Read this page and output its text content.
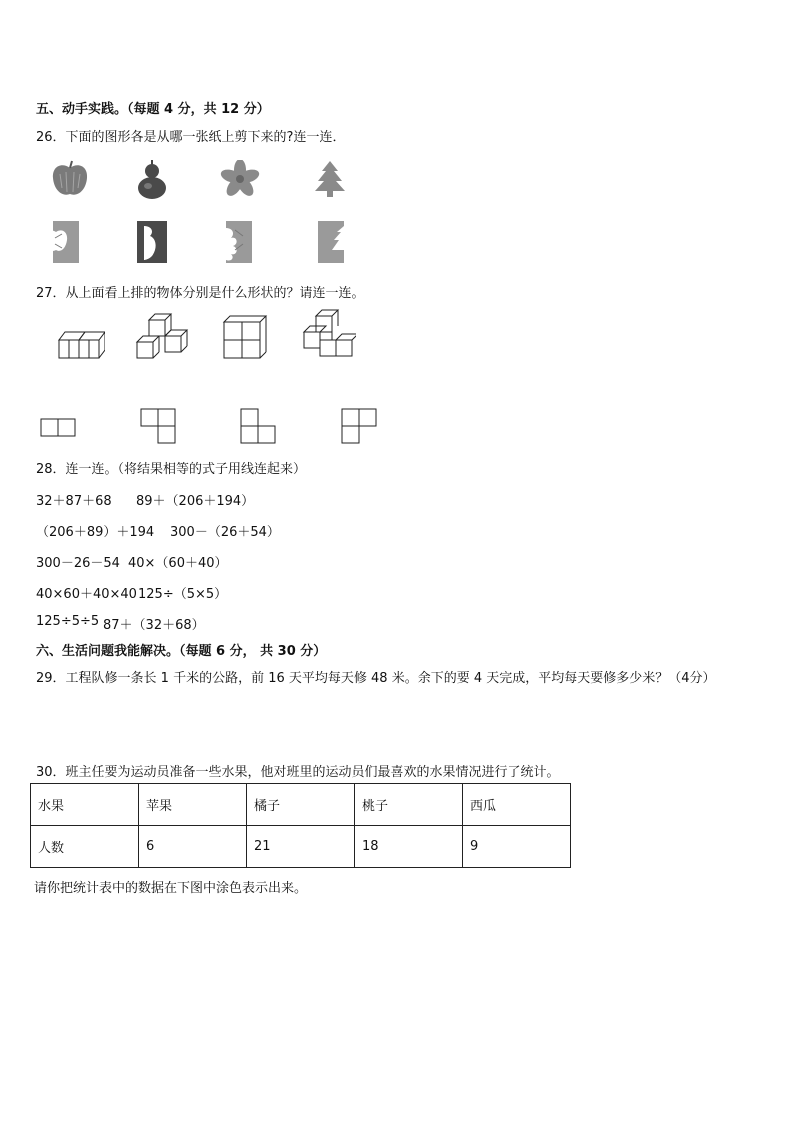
五、动手实践。（每题 4 分，共 12 分）
26．下面的图形各是从哪一张纸上剪下来的?连一连．
27．从上面看上排的物体分别是什么形状的？请连一连。
28．连一连。（将结果相等的式子用线连起来）
32＋87＋68 89＋（206＋194）
（206＋89）＋194 300－（26＋54）
300－26－54 40×（60＋40）
40×60＋40×40 125÷（5×5）
125÷5÷5 87＋（32＋68）
六、生活问题我能解决。（每题 6 分， 共 30 分）
29．工程队修一条长 1 千米的公路，前 16 天平均每天修 48 米。余下的要 4 天完成，平均每天要修多少米？（4分）
30．班主任要为运动员准备一些水果，他对班里的运动员们最喜欢的水果情况进行了统计。
水果	苹果	橘子	桃子	西瓜
人数	6	21	18	9
请你把统计表中的数据在下图中涂色表示出来。
